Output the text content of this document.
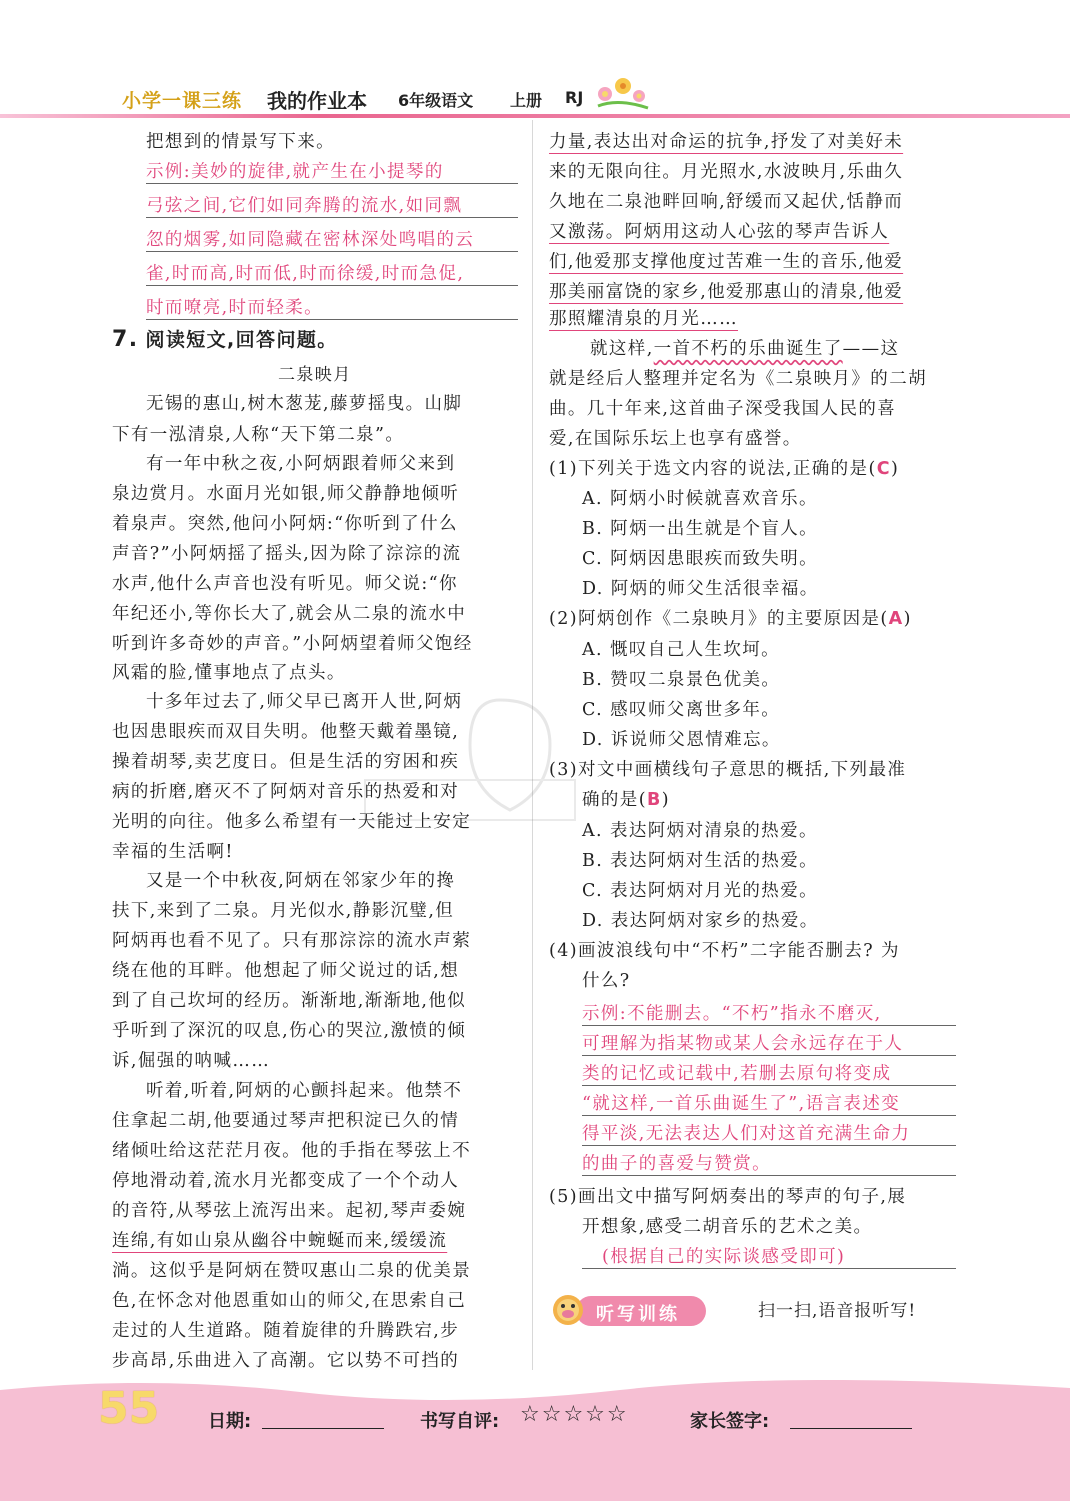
小学一课三练 我的作业本 6年级语文 上册 RJ
把想到的情景写下来。
示例:美妙的旋律,就产生在小提琴的
弓弦之间,它们如同奔腾的流水,如同飘
忽的烟雾,如同隐藏在密林深处鸣唱的云
雀,时而高,时而低,时而徐缓,时而急促,
时而嘹亮,时而轻柔。
7. 阅读短文,回答问题。
二泉映月
无锡的惠山,树木葱茏,藤萝摇曳。山脚
下有一泓清泉,人称“天下第二泉”。
有一年中秋之夜,小阿炳跟着师父来到
泉边赏月。水面月光如银,师父静静地倾听
着泉声。突然,他问小阿炳:“你听到了什么
声音?”小阿炳摇了摇头,因为除了淙淙的流
水声,他什么声音也没有听见。师父说:“你
年纪还小,等你长大了,就会从二泉的流水中
听到许多奇妙的声音。”小阿炳望着师父饱经
风霜的脸,懂事地点了点头。
十多年过去了,师父早已离开人世,阿炳
也因患眼疾而双目失明。他整天戴着墨镜,
操着胡琴,卖艺度日。但是生活的穷困和疾
病的折磨,磨灭不了阿炳对音乐的热爱和对
光明的向往。他多么希望有一天能过上安定
幸福的生活啊!
又是一个中秋夜,阿炳在邻家少年的搀
扶下,来到了二泉。月光似水,静影沉璧,但
阿炳再也看不见了。只有那淙淙的流水声萦
绕在他的耳畔。他想起了师父说过的话,想
到了自己坎坷的经历。渐渐地,渐渐地,他似
乎听到了深沉的叹息,伤心的哭泣,激愤的倾
诉,倔强的呐喊……
听着,听着,阿炳的心颤抖起来。他禁不
住拿起二胡,他要通过琴声把积淀已久的情
绪倾吐给这茫茫月夜。他的手指在琴弦上不
停地滑动着,流水月光都变成了一个个动人
的音符,从琴弦上流泻出来。起初,琴声委婉
连绵,有如山泉从幽谷中蜿蜒而来,缓缓流
淌。这似乎是阿炳在赞叹惠山二泉的优美景
色,在怀念对他恩重如山的师父,在思索自己
走过的人生道路。随着旋律的升腾跌宕,步
步高昂,乐曲进入了高潮。它以势不可挡的
力量,表达出对命运的抗争,抒发了对美好未
来的无限向往。月光照水,水波映月,乐曲久
久地在二泉池畔回响,舒缓而又起伏,恬静而
又激荡。阿炳用这动人心弦的琴声告诉人
们,他爱那支撑他度过苦难一生的音乐,他爱
那美丽富饶的家乡,他爱那惠山的清泉,他爱
那照耀清泉的月光……
就这样,一首不朽的乐曲诞生了——这
就是经后人整理并定名为《二泉映月》的二胡
曲。几十年来,这首曲子深受我国人民的喜
爱,在国际乐坛上也享有盛誉。
(1)下列关于选文内容的说法,正确的是(C)
A. 阿炳小时候就喜欢音乐。
B. 阿炳一出生就是个盲人。
C. 阿炳因患眼疾而致失明。
D. 阿炳的师父生活很幸福。
(2)阿炳创作《二泉映月》的主要原因是(A)
A. 慨叹自己人生坎坷。
B. 赞叹二泉景色优美。
C. 感叹师父离世多年。
D. 诉说师父恩情难忘。
(3)对文中画横线句子意思的概括,下列最准
确的是(B)
A. 表达阿炳对清泉的热爱。
B. 表达阿炳对生活的热爱。
C. 表达阿炳对月光的热爱。
D. 表达阿炳对家乡的热爱。
(4)画波浪线句中“不朽”二字能否删去? 为
什么?
示例:不能删去。“不朽”指永不磨灭,
可理解为指某物或某人会永远存在于人
类的记忆或记载中,若删去原句将变成
“就这样,一首乐曲诞生了”,语言表述变
得平淡,无法表达人们对这首充满生命力
的曲子的喜爱与赞赏。
(5)画出文中描写阿炳奏出的琴声的句子,展
开想象,感受二胡音乐的艺术之美。
(根据自己的实际谈感受即可)
听写训练	扫一扫,语音报听写!
55	日期:	书写自评: ☆☆☆☆☆	家长签字:
